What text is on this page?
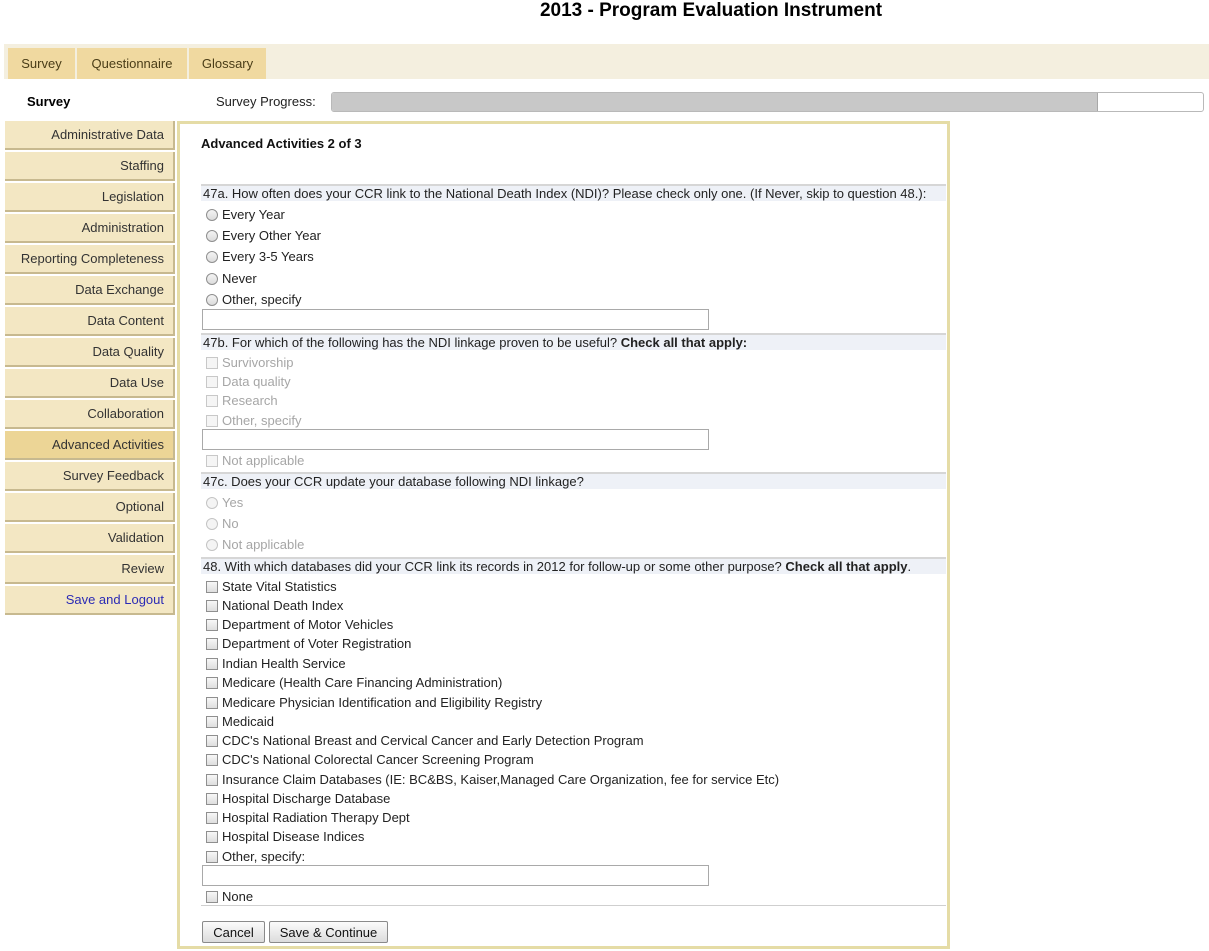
2013 - Program Evaluation Instrument
Survey	Questionnaire	Glossary
Survey	Survey Progress:
Administrative Data
Staffing
Legislation
Administration
Reporting Completeness
Data Exchange
Data Content
Data Quality
Data Use
Collaboration
Advanced Activities
Survey Feedback
Optional
Validation
Review
Save and Logout
Advanced Activities 2 of 3
47a. How often does your CCR link to the National Death Index (NDI)? Please check only one. (If Never, skip to question 48.):
Every Year
Every Other Year
Every 3-5 Years
Never
Other, specify
47b. For which of the following has the NDI linkage proven to be useful? Check all that apply:
Survivorship
Data quality
Research
Other, specify
Not applicable
47c. Does your CCR update your database following NDI linkage?
Yes
No
Not applicable
48. With which databases did your CCR link its records in 2012 for follow-up or some other purpose? Check all that apply.
State Vital Statistics
National Death Index
Department of Motor Vehicles
Department of Voter Registration
Indian Health Service
Medicare (Health Care Financing Administration)
Medicare Physician Identification and Eligibility Registry
Medicaid
CDC's National Breast and Cervical Cancer and Early Detection Program
CDC's National Colorectal Cancer Screening Program
Insurance Claim Databases (IE: BC&BS, Kaiser,Managed Care Organization, fee for service Etc)
Hospital Discharge Database
Hospital Radiation Therapy Dept
Hospital Disease Indices
Other, specify:
None
Cancel	Save & Continue
